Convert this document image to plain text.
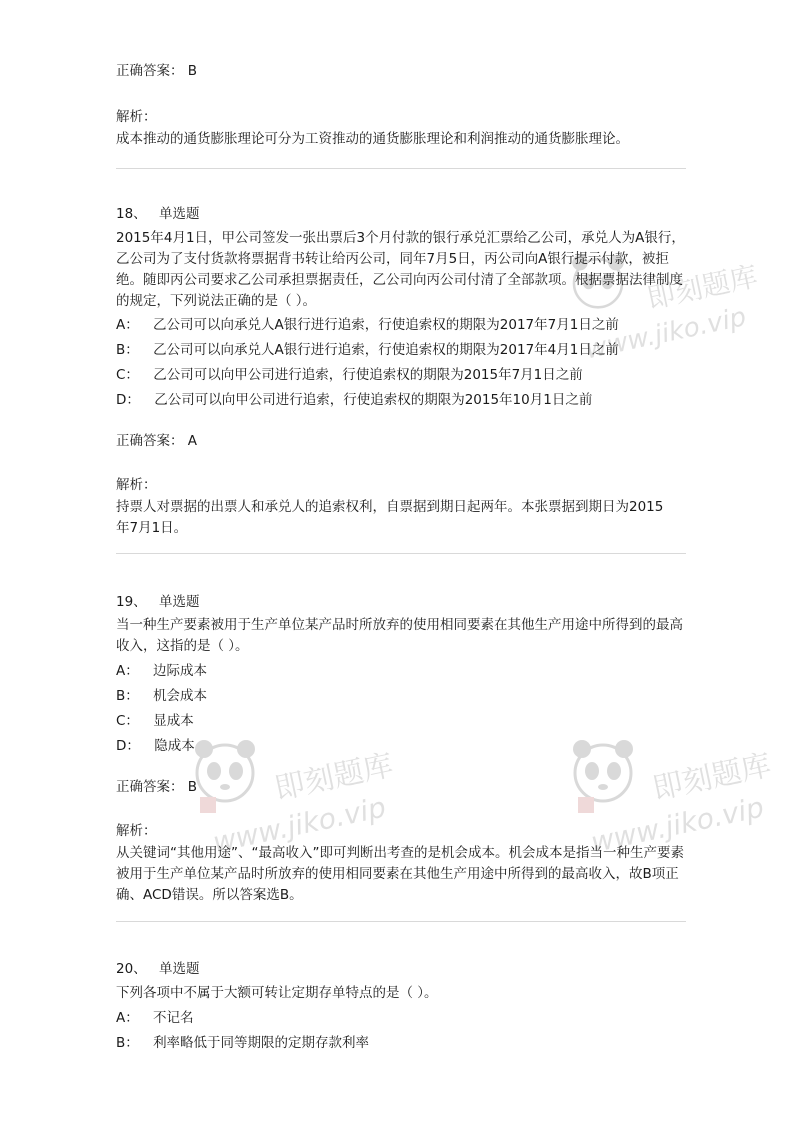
即刻题库
www.jiko.vip
即刻题库
www.jiko.vip
即刻题库
www.jiko.vip
正确答案： B
解析：
成本推动的通货膨胀理论可分为工资推动的通货膨胀理论和利润推动的通货膨胀理论。
18、 单选题
2015年4月1日，甲公司签发一张出票后3个月付款的银行承兑汇票给乙公司，承兑人为A银行，乙公司为了支付货款将票据背书转让给丙公司，同年7月5日，丙公司向A银行提示付款，被拒绝。随即丙公司要求乙公司承担票据责任，乙公司向丙公司付清了全部款项。根据票据法律制度的规定，下列说法正确的是（ ）。
A： 乙公司可以向承兑人A银行进行追索，行使追索权的期限为2017年7月1日之前
B： 乙公司可以向承兑人A银行进行追索，行使追索权的期限为2017年4月1日之前
C： 乙公司可以向甲公司进行追索，行使追索权的期限为2015年7月1日之前
D： 乙公司可以向甲公司进行追索，行使追索权的期限为2015年10月1日之前
正确答案： A
解析：
持票人对票据的出票人和承兑人的追索权利，自票据到期日起两年。本张票据到期日为2015年7月1日。
19、 单选题
当一种生产要素被用于生产单位某产品时所放弃的使用相同要素在其他生产用途中所得到的最高收入，这指的是（ ）。
A： 边际成本
B： 机会成本
C： 显成本
D： 隐成本
正确答案： B
解析：
从关键词“其他用途”、“最高收入”即可判断出考查的是机会成本。机会成本是指当一种生产要素被用于生产单位某产品时所放弃的使用相同要素在其他生产用途中所得到的最高收入，故B项正确、ACD错误。所以答案选B。
20、 单选题
下列各项中不属于大额可转让定期存单特点的是（ ）。
A： 不记名
B： 利率略低于同等期限的定期存款利率
